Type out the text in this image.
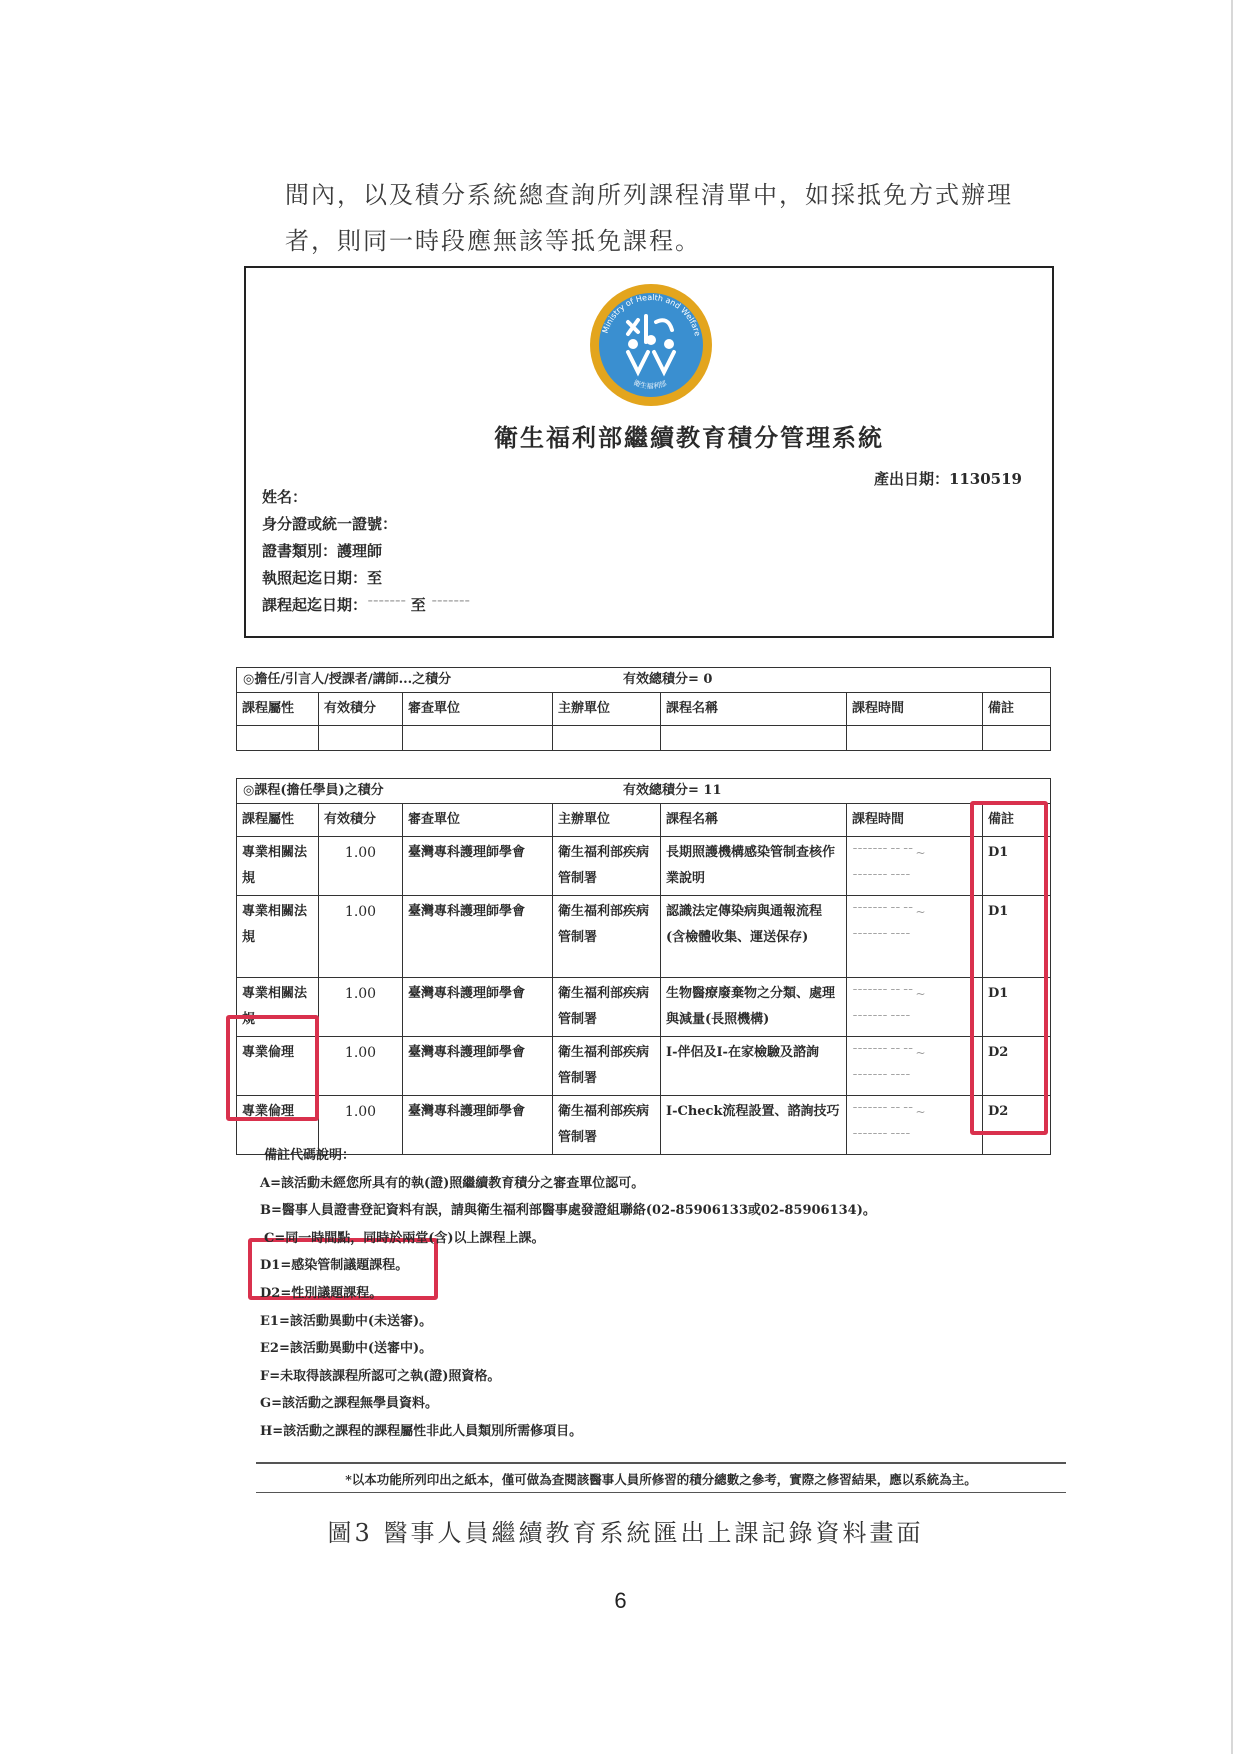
間內，以及積分系統總查詢所列課程清單中，如採抵免方式辦理

者，則同一時段應無該等抵免課程。

Ministry of Health and Welfare
衛生福利部
衛生福利部繼續教育積分管理系統
產出日期：1130519
姓名：
身分證或統一證號：
證書類別：護理師
執照起迄日期：至
課程起迄日期：ˉˉˉˉˉˉˉ 至 ˉˉˉˉˉˉˉ
◎擔任/引言人/授課者/講師...之積分 有效總積分= 0						
課程屬性	有效積分	審查單位	主辦單位	課程名稱	課程時間	備註

◎課程(擔任學員)之積分 有效總積分= 11						
課程屬性	有效積分	審查單位	主辦單位	課程名稱	課程時間	備註
專業相關法規	1.00	臺灣專科護理師學會	衛生福利部疾病管制署	長期照護機構感染管制查核作業說明	ˉˉˉˉˉˉˉ ˉˉ ˉˉ ~
ˉˉˉˉˉˉˉ ˉˉˉˉ	D1
專業相關法規	1.00	臺灣專科護理師學會	衛生福利部疾病管制署	認識法定傳染病與通報流程(含檢體收集、運送保存)	ˉˉˉˉˉˉˉ ˉˉ ˉˉ ~
ˉˉˉˉˉˉˉ ˉˉˉˉ	D1
專業相關法規	1.00	臺灣專科護理師學會	衛生福利部疾病管制署	生物醫療廢棄物之分類、處理與減量(長照機構)	ˉˉˉˉˉˉˉ ˉˉ ˉˉ ~
ˉˉˉˉˉˉˉ ˉˉˉˉ	D1
專業倫理	1.00	臺灣專科護理師學會	衛生福利部疾病管制署	I-伴侶及I-在家檢驗及諮詢	ˉˉˉˉˉˉˉ ˉˉ ˉˉ ~
ˉˉˉˉˉˉˉ ˉˉˉˉ	D2
專業倫理	1.00	臺灣專科護理師學會	衛生福利部疾病管制署	I-Check流程設置、諮詢技巧	ˉˉˉˉˉˉˉ ˉˉ ˉˉ ~
ˉˉˉˉˉˉˉ ˉˉˉˉ	D2
備註代碼說明：
A=該活動未經您所具有的執(證)照繼續教育積分之審查單位認可。
B=醫事人員證書登記資料有誤，請與衛生福利部醫事處發證組聯絡(02-85906133或02-85906134)。
C=同一時間點，同時於兩堂(含)以上課程上課。
D1=感染管制議題課程。
D2=性別議題課程。
E1=該活動異動中(未送審)。
E2=該活動異動中(送審中)。
F=未取得該課程所認可之執(證)照資格。
G=該活動之課程無學員資料。
H=該活動之課程的課程屬性非此人員類別所需修項目。
*以本功能所列印出之紙本，僅可做為查閱該醫事人員所修習的積分總數之參考，實際之修習結果，應以系統為主。
圖3 醫事人員繼續教育系統匯出上課記錄資料畫面
6
